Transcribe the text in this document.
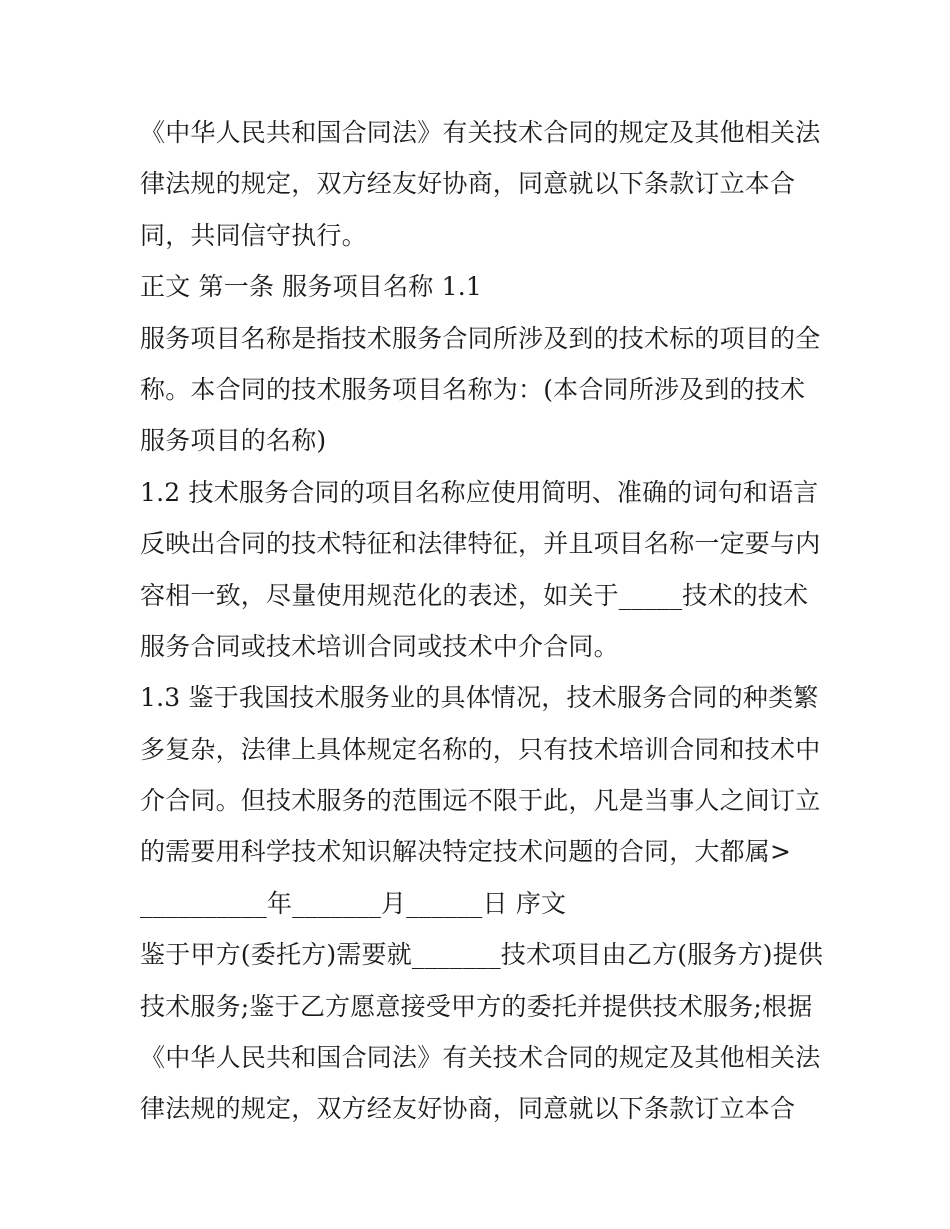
《中华人民共和国合同法》有关技术合同的规定及其他相关法
律法规的规定，双方经友好协商，同意就以下条款订立本合
同，共同信守执行。
正文 第一条 服务项目名称 1.1
服务项目名称是指技术服务合同所涉及到的技术标的项目的全
称。本合同的技术服务项目名称为：(本合同所涉及到的技术
服务项目的名称)
1.2 技术服务合同的项目名称应使用简明、准确的词句和语言
反映出合同的技术特征和法律特征，并且项目名称一定要与内
容相一致，尽量使用规范化的表述，如关于_____技术的技术
服务合同或技术培训合同或技术中介合同。
1.3 鉴于我国技术服务业的具体情况，技术服务合同的种类繁
多复杂，法律上具体规定名称的，只有技术培训合同和技术中
介合同。但技术服务的范围远不限于此，凡是当事人之间订立
的需要用科学技术知识解决特定技术问题的合同，大都属>
__________年_______月______日 序文
鉴于甲方(委托方)需要就_______技术项目由乙方(服务方)提供
技术服务;鉴于乙方愿意接受甲方的委托并提供技术服务;根据
《中华人民共和国合同法》有关技术合同的规定及其他相关法
律法规的规定，双方经友好协商，同意就以下条款订立本合
